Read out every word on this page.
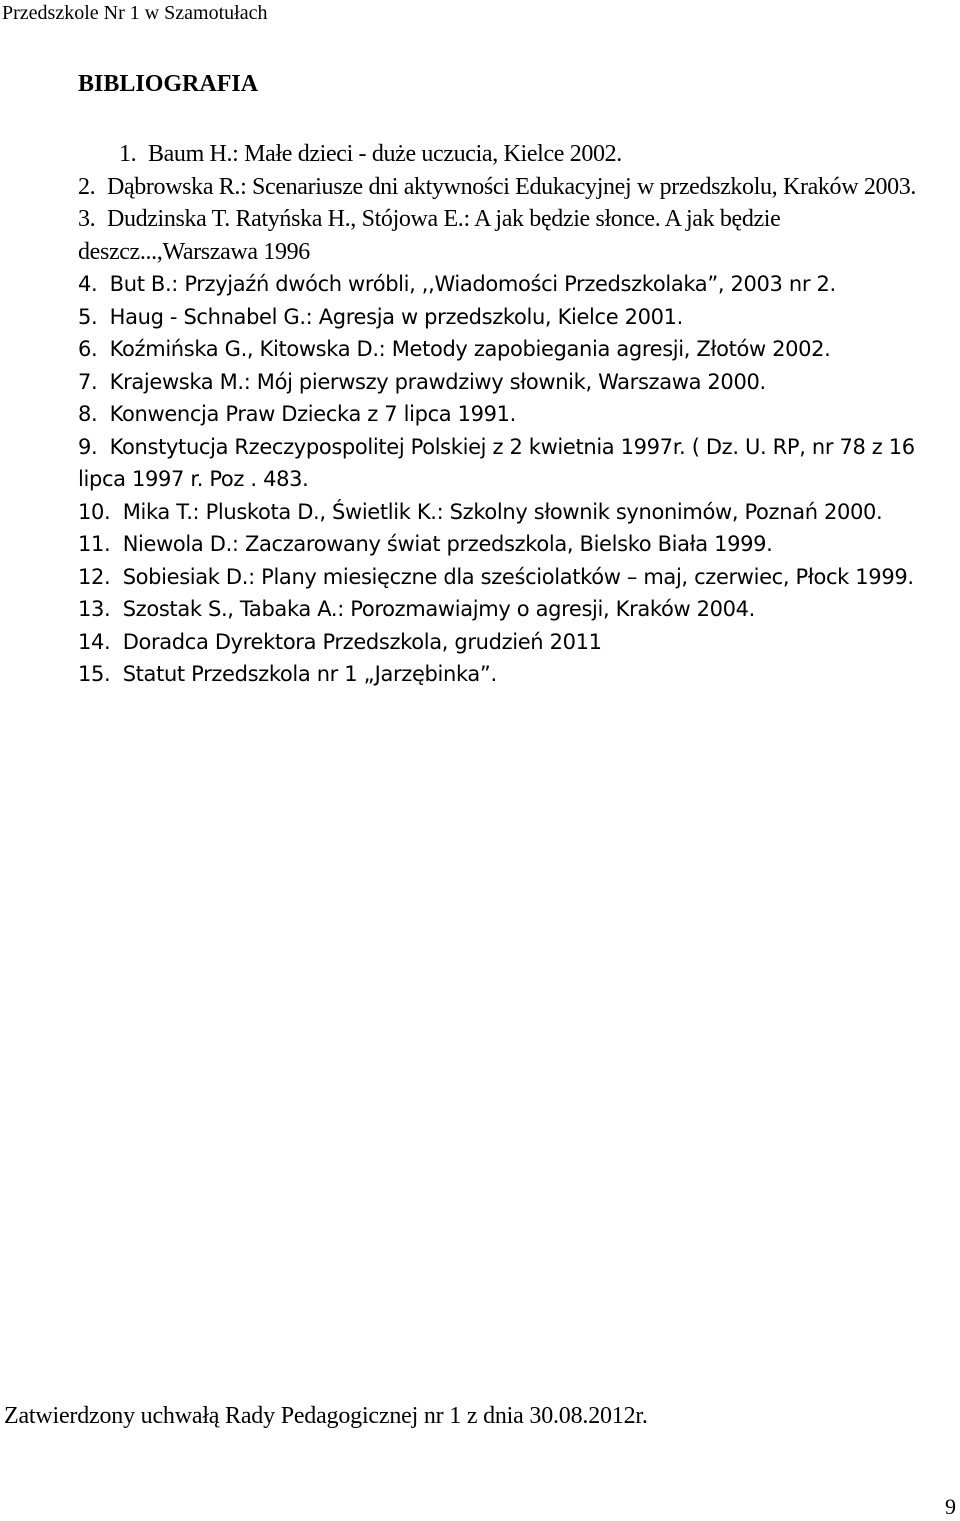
Przedszkole Nr 1 w Szamotułach
BIBLIOGRAFIA
1. Baum H.: Małe dzieci - duże uczucia, Kielce 2002.
2. Dąbrowska R.: Scenariusze dni aktywności Edukacyjnej w przedszkolu, Kraków 2003.
3. Dudzinska T. Ratyńska H., Stójowa E.: A jak będzie słonce. A jak będzie deszcz...,Warszawa 1996
4. But B.: Przyjaźń dwóch wróbli, ,,Wiadomości Przedszkolaka”, 2003 nr 2.
5. Haug - Schnabel G.: Agresja w przedszkolu, Kielce 2001.
6. Koźmińska G., Kitowska D.: Metody zapobiegania agresji, Złotów 2002.
7. Krajewska M.: Mój pierwszy prawdziwy słownik, Warszawa 2000.
8. Konwencja Praw Dziecka z 7 lipca 1991.
9. Konstytucja Rzeczypospolitej Polskiej z 2 kwietnia 1997r. ( Dz. U. RP, nr 78 z 16 lipca 1997 r. Poz . 483.
10. Mika T.: Pluskota D., Świetlik K.: Szkolny słownik synonimów, Poznań 2000.
11. Niewola D.: Zaczarowany świat przedszkola, Bielsko Biała 1999.
12. Sobiesiak D.: Plany miesięczne dla sześciolatków – maj, czerwiec, Płock 1999.
13. Szostak S., Tabaka A.: Porozmawiajmy o agresji, Kraków 2004.
14. Doradca Dyrektora Przedszkola, grudzień 2011
15. Statut Przedszkola nr 1 „Jarzębinka”.
Zatwierdzony uchwałą Rady Pedagogicznej nr 1 z dnia 30.08.2012r.
9
